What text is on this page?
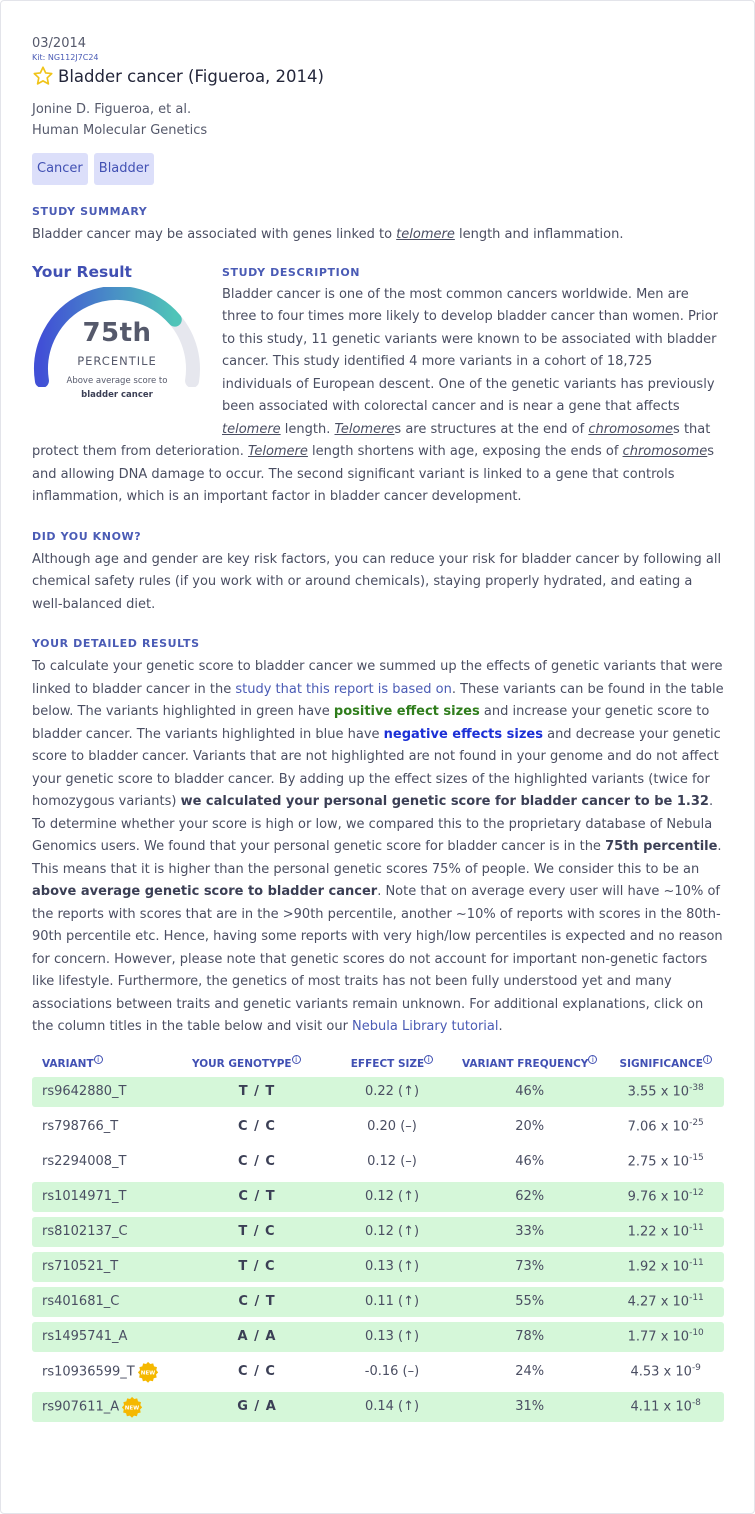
03/2014
Kit: NG112J7C24
Bladder cancer (Figueroa, 2014)
Jonine D. Figueroa, et al.
Human Molecular Genetics
Cancer	Bladder
STUDY SUMMARY
Bladder cancer may be associated with genes linked to telomere length and inflammation.
Your Result
75th
PERCENTILE
Above average score to
bladder cancer
STUDY DESCRIPTION
Bladder cancer is one of the most common cancers worldwide. Men are three to four times more likely to develop bladder cancer than women. Prior to this study, 11 genetic variants were known to be associated with bladder cancer. This study identified 4 more variants in a cohort of 18,725 individuals of European descent. One of the genetic variants has previously been associated with colorectal cancer and is near a gene that affects telomere length. Telomeres are structures at the end of chromosomes that protect them from deterioration. Telomere length shortens with age, exposing the ends of chromosomes and allowing DNA damage to occur. The second significant variant is linked to a gene that controls inflammation, which is an important factor in bladder cancer development.
DID YOU KNOW?
Although age and gender are key risk factors, you can reduce your risk for bladder cancer by following all chemical safety rules (if you work with or around chemicals), staying properly hydrated, and eating a well-balanced diet.
YOUR DETAILED RESULTS
To calculate your genetic score to bladder cancer we summed up the effects of genetic variants that were linked to bladder cancer in the study that this report is based on. These variants can be found in the table below. The variants highlighted in green have positive effect sizes and increase your genetic score to bladder cancer. The variants highlighted in blue have negative effects sizes and decrease your genetic score to bladder cancer. Variants that are not highlighted are not found in your genome and do not affect your genetic score to bladder cancer. By adding up the effect sizes of the highlighted variants (twice for homozygous variants) we calculated your personal genetic score for bladder cancer to be 1.32. To determine whether your score is high or low, we compared this to the proprietary database of Nebula Genomics users. We found that your personal genetic score for bladder cancer is in the 75th percentile. This means that it is higher than the personal genetic scores 75% of people. We consider this to be an above average genetic score to bladder cancer. Note that on average every user will have ~10% of the reports with scores that are in the >90th percentile, another ~10% of reports with scores in the 80th-90th percentile etc. Hence, having some reports with very high/low percentiles is expected and no reason for concern. However, please note that genetic scores do not account for important non-genetic factors like lifestyle. Furthermore, the genetics of most traits has not been fully understood yet and many associations between traits and genetic variants remain unknown. For additional explanations, click on the column titles in the table below and visit our Nebula Library tutorial.
VARIANT $^i$	YOUR GENOTYPE $^i$	EFFECT SIZE $^i$	VARIANT FREQUENCY $^i$	SIGNIFICANCE $^i$
rs9642880_T	T / T	0.22 (↑)	46%	3.55 x $10^{-38}$
rs798766_T	C / C	0.20 (–)	20%	7.06 x $10^{-25}$
rs2294008_T	C / C	0.12 (–)	46%	2.75 x $10^{-15}$
rs1014971_T	C / T	0.12 (↑)	62%	9.76 x $10^{-12}$
rs8102137_C	T / C	0.12 (↑)	33%	1.22 x $10^{-11}$
rs710521_T	T / C	0.13 (↑)	73%	1.92 x $10^{-11}$
rs401681_C	C / T	0.11 (↑)	55%	4.27 x $10^{-11}$
rs1495741_A	A / A	0.13 (↑)	78%	1.77 x $10^{-10}$
rs10936599_T NEW	C / C	-0.16 (–)	24%	4.53 x $10^{-9}$
rs907611_A NEW	G / A	0.14 (↑)	31%	4.11 x $10^{-8}$
